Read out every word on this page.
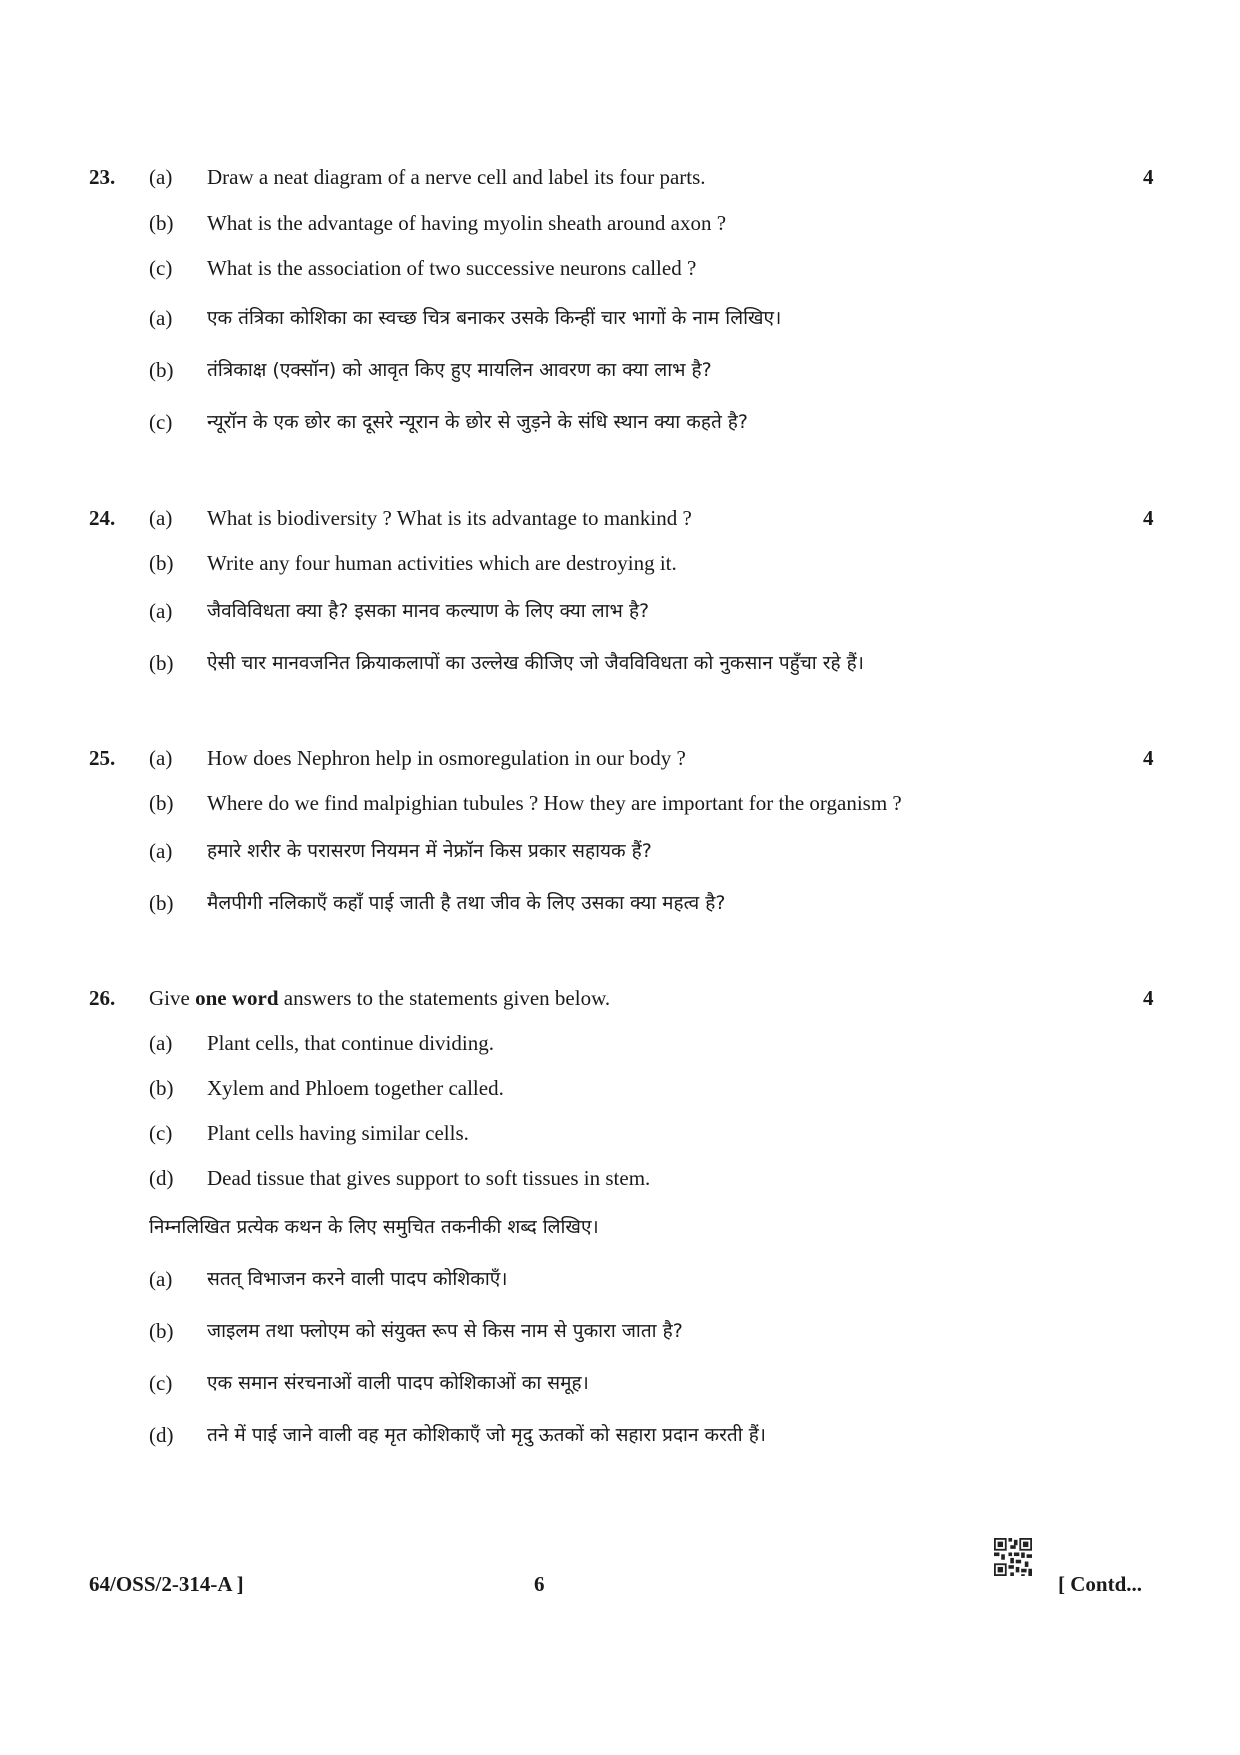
23. (a) Draw a neat diagram of a nerve cell and label its four parts.	4
(b) What is the advantage of having myolin sheath around axon ?
(c) What is the association of two successive neurons called ?
(a) एक तंत्रिका कोशिका का स्वच्छ चित्र बनाकर उसके किन्हीं चार भागों के नाम लिखिए।
(b) तंत्रिकाक्ष (एक्सॉन) को आवृत किए हुए मायलिन आवरण का क्या लाभ है?
(c) न्यूरॉन के एक छोर का दूसरे न्यूरान के छोर से जुड़ने के संधि स्थान क्या कहते है?
24. (a) What is biodiversity ? What is its advantage to mankind ?	4
(b) Write any four human activities which are destroying it.
(a) जैवविविधता क्या है? इसका मानव कल्याण के लिए क्या लाभ है?
(b) ऐसी चार मानवजनित क्रियाकलापों का उल्लेख कीजिए जो जैवविविधता को नुकसान पहुँचा रहे हैं।
25. (a) How does Nephron help in osmoregulation in our body ?	4
(b) Where do we find malpighian tubules ? How they are important for the organism ?
(a) हमारे शरीर के परासरण नियमन में नेफ्रॉन किस प्रकार सहायक हैं?
(b) मैलपीगी नलिकाएँ कहाँ पाई जाती है तथा जीव के लिए उसका क्या महत्व है?
26. Give one word answers to the statements given below.	4
(a) Plant cells, that continue dividing.
(b) Xylem and Phloem together called.
(c) Plant cells having similar cells.
(d) Dead tissue that gives support to soft tissues in stem.
निम्नलिखित प्रत्येक कथन के लिए समुचित तकनीकी शब्द लिखिए।
(a) सतत् विभाजन करने वाली पादप कोशिकाएँ।
(b) जाइलम तथा फ्लोएम को संयुक्त रूप से किस नाम से पुकारा जाता है?
(c) एक समान संरचनाओं वाली पादप कोशिकाओं का समूह।
(d) तने में पाई जाने वाली वह मृत कोशिकाएँ जो मृदु ऊतकों को सहारा प्रदान करती हैं।
64/OSS/2-314-A ]	6	[ Contd...
